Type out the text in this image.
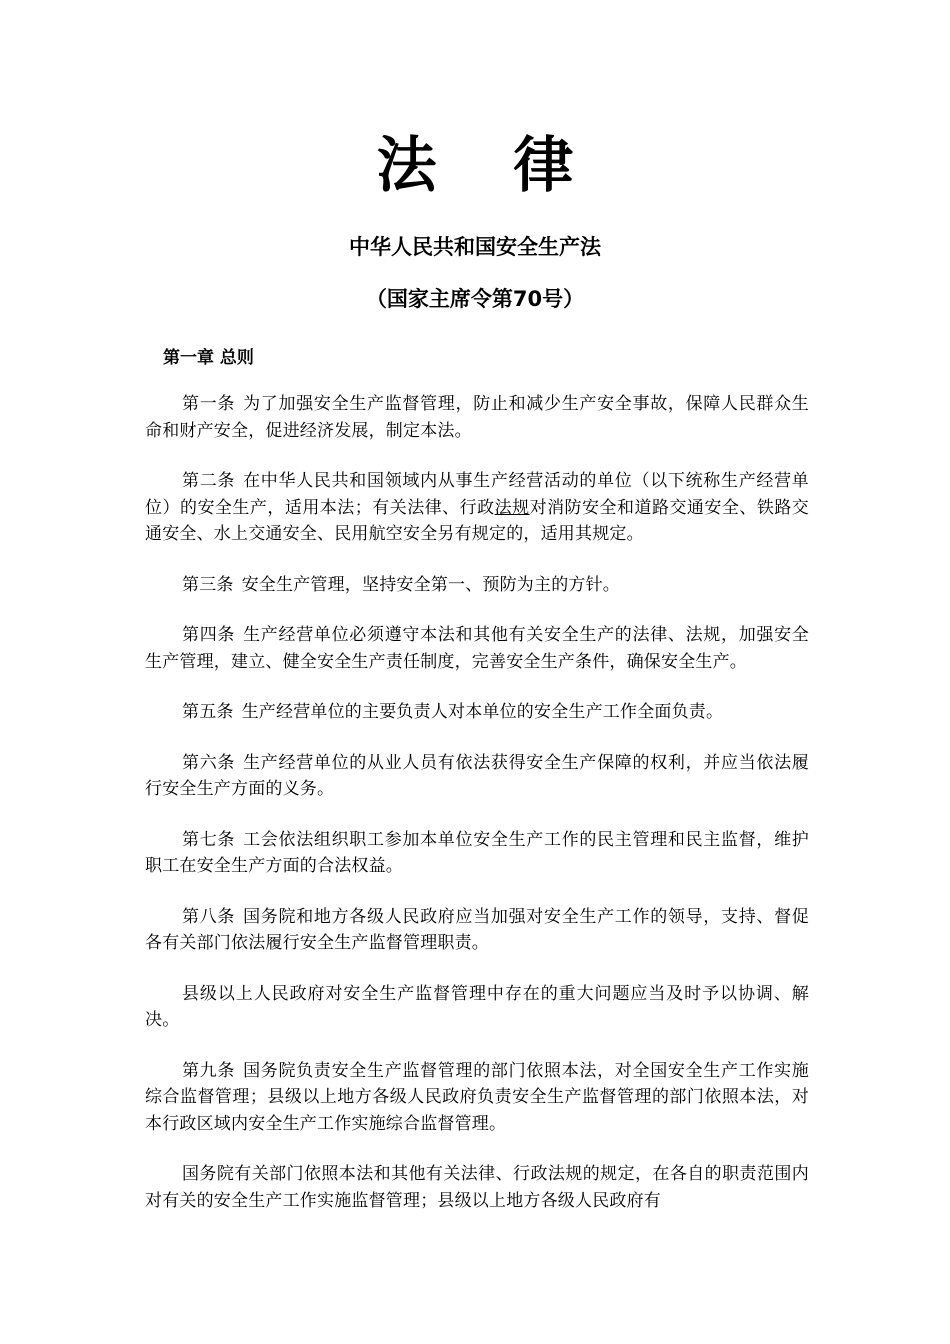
法 律
中华人民共和国安全生产法
（国家主席令第70号）
第一章 总则

第一条 为了加强安全生产监督管理，防止和减少生产安全事故，保障人民群众生命和财产安全，促进经济发展，制定本法。

第二条 在中华人民共和国领域内从事生产经营活动的单位（以下统称生产经营单位）的安全生产，适用本法；有关法律、行政法规对消防安全和道路交通安全、铁路交通安全、水上交通安全、民用航空安全另有规定的，适用其规定。

第三条 安全生产管理，坚持安全第一、预防为主的方针。

第四条 生产经营单位必须遵守本法和其他有关安全生产的法律、法规，加强安全生产管理，建立、健全安全生产责任制度，完善安全生产条件，确保安全生产。

第五条 生产经营单位的主要负责人对本单位的安全生产工作全面负责。

第六条 生产经营单位的从业人员有依法获得安全生产保障的权利，并应当依法履行安全生产方面的义务。

第七条 工会依法组织职工参加本单位安全生产工作的民主管理和民主监督，维护职工在安全生产方面的合法权益。

第八条 国务院和地方各级人民政府应当加强对安全生产工作的领导，支持、督促各有关部门依法履行安全生产监督管理职责。

县级以上人民政府对安全生产监督管理中存在的重大问题应当及时予以协调、解决。

第九条 国务院负责安全生产监督管理的部门依照本法，对全国安全生产工作实施综合监督管理；县级以上地方各级人民政府负责安全生产监督管理的部门依照本法，对本行政区域内安全生产工作实施综合监督管理。

国务院有关部门依照本法和其他有关法律、行政法规的规定，在各自的职责范围内对有关的安全生产工作实施监督管理；县级以上地方各级人民政府有
